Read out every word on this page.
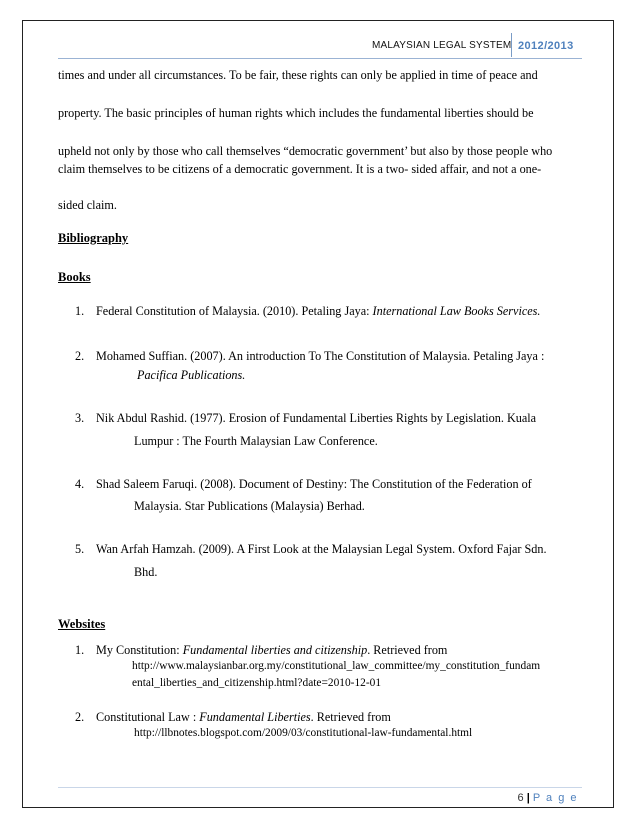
MALAYSIAN LEGAL SYSTEM 2012/2013
times and under all circumstances. To be fair, these rights can only be applied in time of peace and
property. The basic principles of human rights which includes the fundamental liberties should be
upheld not only by those who call themselves “democratic government’ but also by those people who
claim themselves to be citizens of a democratic government. It is a two- sided affair, and not a one-
sided claim.
Bibliography
Books
1. Federal Constitution of Malaysia. (2010). Petaling Jaya: International Law Books Services.
2. Mohamed Suffian. (2007). An introduction To The Constitution of Malaysia. Petaling Jaya :
Pacifica Publications.
3. Nik Abdul Rashid. (1977). Erosion of Fundamental Liberties Rights by Legislation. Kuala
Lumpur : The Fourth Malaysian Law Conference.
4. Shad Saleem Faruqi. (2008). Document of Destiny: The Constitution of the Federation of
Malaysia. Star Publications (Malaysia) Berhad.
5. Wan Arfah Hamzah. (2009). A First Look at the Malaysian Legal System. Oxford Fajar Sdn.
Bhd.
Websites
1. My Constitution: Fundamental liberties and citizenship. Retrieved from
http://www.malaysianbar.org.my/constitutional_law_committee/my_constitution_fundam
ental_liberties_and_citizenship.html?date=2010-12-01
2. Constitutional Law : Fundamental Liberties. Retrieved from
http://llbnotes.blogspot.com/2009/03/constitutional-law-fundamental.html
6 | P a g e
